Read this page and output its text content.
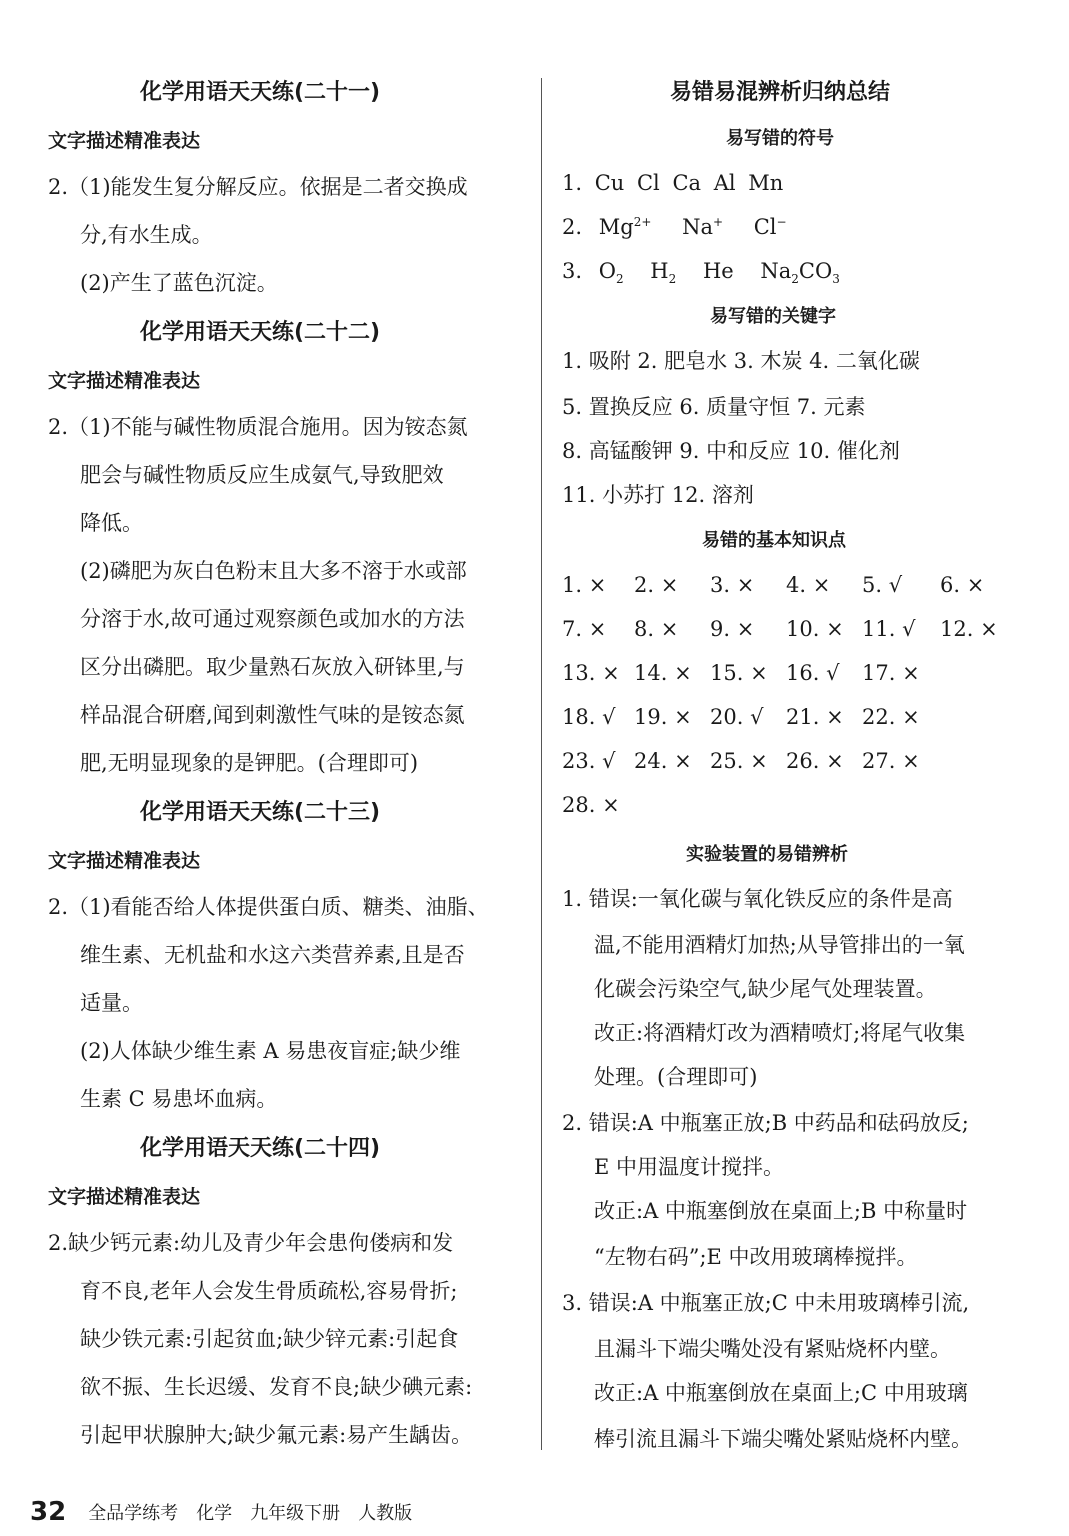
化学用语天天练(二十一)
文字描述精准表达
2.（1)能发生复分解反应。依据是二者交换成
分,有水生成。
(2)产生了蓝色沉淀。
化学用语天天练(二十二)
文字描述精准表达
2.（1)不能与碱性物质混合施用。因为铵态氮
肥会与碱性物质反应生成氨气,导致肥效
降低。
(2)磷肥为灰白色粉末且大多不溶于水或部
分溶于水,故可通过观察颜色或加水的方法
区分出磷肥。取少量熟石灰放入研钵里,与
样品混合研磨,闻到刺激性气味的是铵态氮
肥,无明显现象的是钾肥。(合理即可)
化学用语天天练(二十三)
文字描述精准表达
2.（1)看能否给人体提供蛋白质、糖类、油脂、
维生素、无机盐和水这六类营养素,且是否
适量。
(2)人体缺少维生素 A 易患夜盲症;缺少维
生素 C 易患坏血病。
化学用语天天练(二十四)
文字描述精准表达
2.缺少钙元素:幼儿及青少年会患佝偻病和发
育不良,老年人会发生骨质疏松,容易骨折;
缺少铁元素:引起贫血;缺少锌元素:引起食
欲不振、生长迟缓、发育不良;缺少碘元素:
引起甲状腺肿大;缺少氟元素:易产生龋齿。
易错易混辨析归纳总结
易写错的符号
1. Cu Cl Ca Al Mn
2. $Mg^{2+}$ Na+ Cl−
3. $O_2$ $H_2$ He $Na_2CO_3$
易写错的关键字
1. 吸附 2. 肥皂水 3. 木炭 4. 二氧化碳
5. 置换反应 6. 质量守恒 7. 元素
8. 高锰酸钾 9. 中和反应 10. 催化剂
11. 小苏打 12. 溶剂
易错的基本知识点
1. × 2. × 3. × 4. × 5. √ 6. ×
7. × 8. × 9. × 10. × 11. √ 12. ×
13. × 14. × 15. × 16. √ 17. ×
18. √ 19. × 20. √ 21. × 22. ×
23. √ 24. × 25. × 26. × 27. ×
28. ×
实验装置的易错辨析
1. 错误:一氧化碳与氧化铁反应的条件是高
温,不能用酒精灯加热;从导管排出的一氧
化碳会污染空气,缺少尾气处理装置。
改正:将酒精灯改为酒精喷灯;将尾气收集
处理。(合理即可)
2. 错误:A 中瓶塞正放;B 中药品和砝码放反;
E 中用温度计搅拌。
改正:A 中瓶塞倒放在桌面上;B 中称量时
“左物右码”;E 中改用玻璃棒搅拌。
3. 错误:A 中瓶塞正放;C 中未用玻璃棒引流,
且漏斗下端尖嘴处没有紧贴烧杯内壁。
改正:A 中瓶塞倒放在桌面上;C 中用玻璃
棒引流且漏斗下端尖嘴处紧贴烧杯内壁。
32 全品学练考 化学 九年级下册 人教版
